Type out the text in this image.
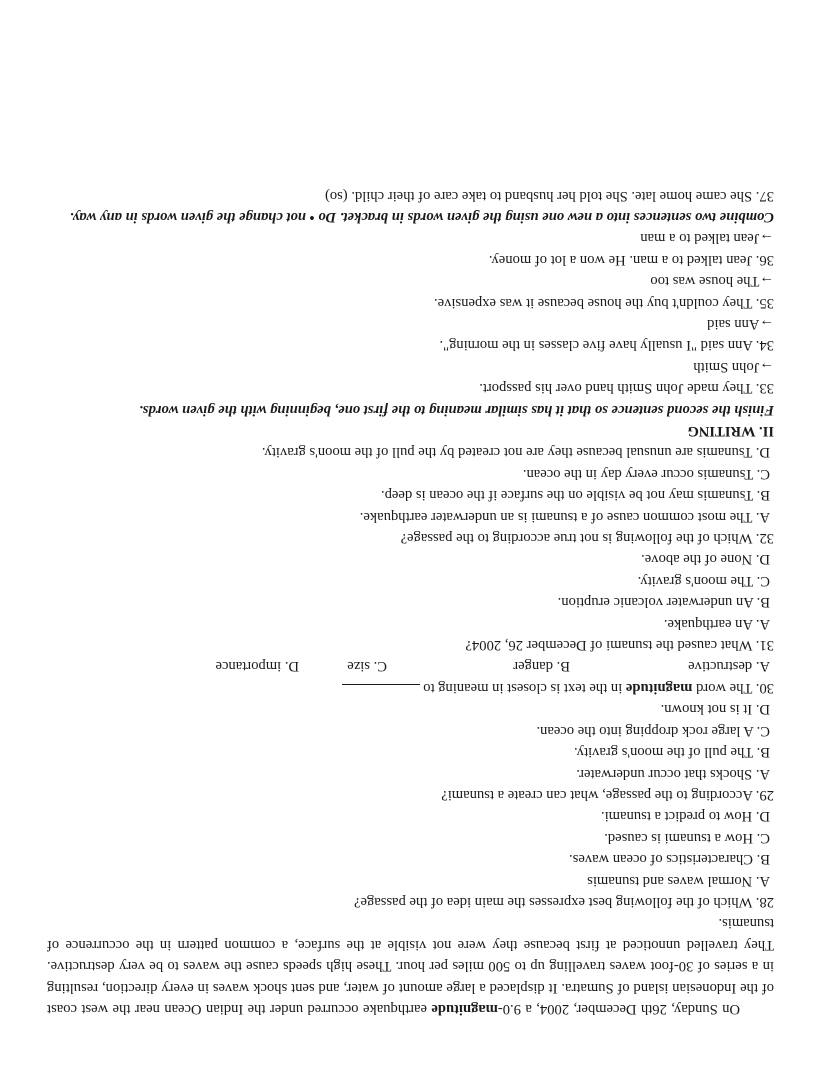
On Sunday, 26th December, 2004, a 9.0-magnitude earthquake occurred under the Indian Ocean near the west coast of the Indonesian island of Sumatra. It displaced a large amount of water, and sent shock waves in every direction, resulting in a series of 30-foot waves travelling up to 500 miles per hour. These high speeds cause the waves to be very destructive. They travelled unnoticed at first because they were not visible at the surface, a common pattern in the occurrence of tsunamis.

28. Which of the following best expresses the main idea of the passage?

A. Normal waves and tsunamis

B. Characteristics of ocean waves.

C. How a tsunami is caused.

D. How to predict a tsunami.

29. According to the passage, what can create a tsunami?

A. Shocks that occur underwater.

B. The pull of the moon's gravity.

C. A large rock dropping into the ocean.

D. It is not known.

30. The word magnitude in the text is closest in meaning to

A. destructive
B. danger
C. size
D. importance

31. What caused the tsunami of December 26, 2004?

A. An earthquake.

B. An underwater volcanic eruption.

C. The moon's gravity.

D. None of the above.

32. Which of the following is not true according to the passage?

A. The most common cause of a tsunami is an underwater earthquake.

B. Tsunamis may not be visible on the surface if the ocean is deep.

C. Tsunamis occur every day in the ocean.

D. Tsunamis are unusual because they are not created by the pull of the moon's gravity.

II. WRITING

Finish the second sentence so that it has similar meaning to the first one, beginning with the given words.

33. They made John Smith hand over his passport.

→John Smith

34. Ann said "I usually have five classes in the morning".

→Ann said

35. They couldn't buy the house because it was expensive.

→The house was too

36. Jean talked to a man. He won a lot of money.

→Jean talked to a man

Combine two sentences into a new one using the given words in bracket. Do • not change the given words in any way.

37. She came home late. She told her husband to take care of their child. (so)
